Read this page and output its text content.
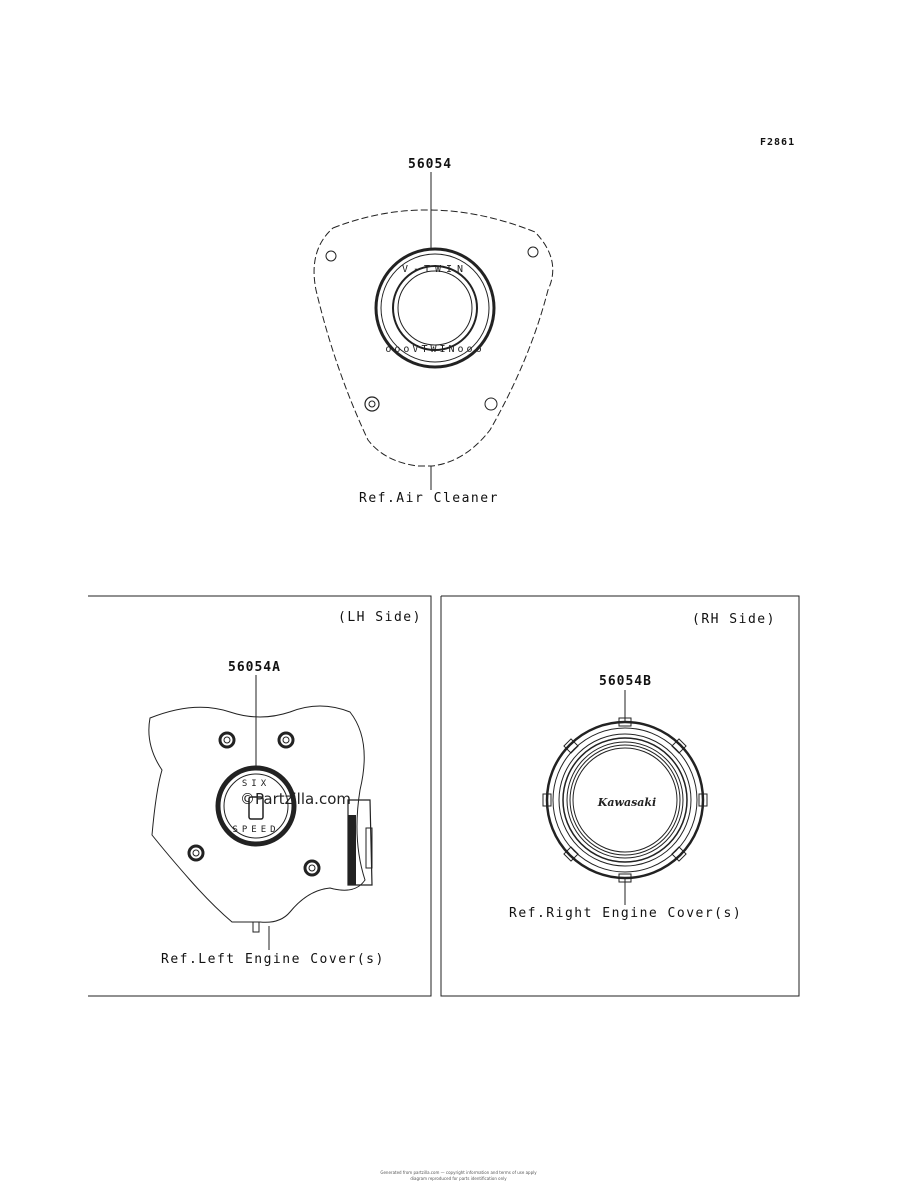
V-TWIN
oooVTWINooo
SIX
SPEED
Kawasaki
F2861
56054
Ref.Air Cleaner
(LH Side)
56054A
Ref.Left Engine Cover(s)
(RH Side)
56054B
Ref.Right Engine Cover(s)
©Partzilla.com
Generated from partzilla.com — copyright information and terms of use apply
diagram reproduced for parts identification only
